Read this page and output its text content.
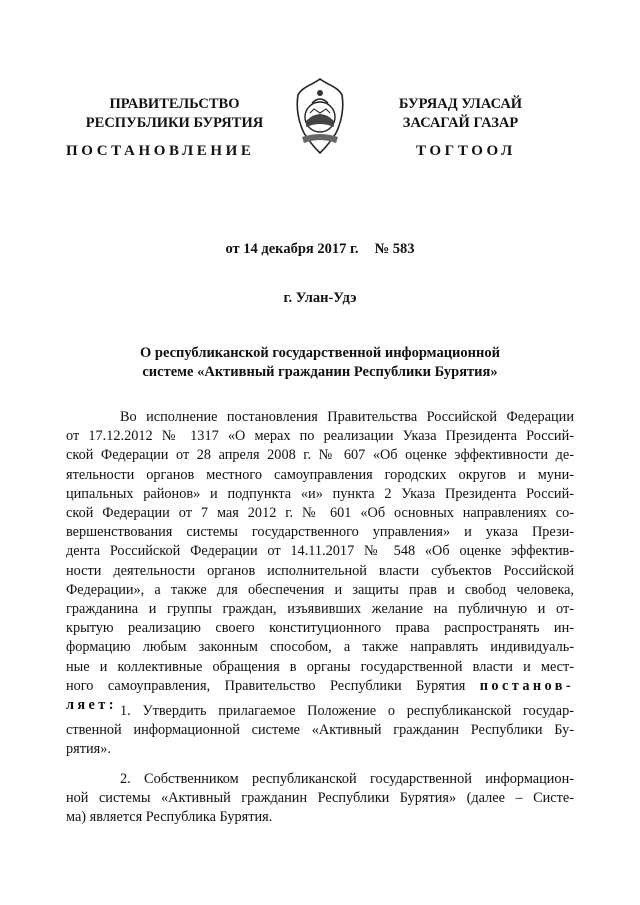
ПРАВИТЕЛЬСТВО
РЕСПУБЛИКИ БУРЯТИЯ
БУРЯАД УЛАСАЙ
ЗАСАГАЙ ГАЗАР
ПОСТАНОВЛЕНИЕ	ТОГТООЛ
от 14 декабря 2017 г. № 583
г. Улан-Удэ
О республиканской государственной информационной
системе «Активный гражданин Республики Бурятия»
Во исполнение постановления Правительства Российской Федерации
от 17.12.2012 № 1317 «О мерах по реализации Указа Президента Россий-
ской Федерации от 28 апреля 2008 г. № 607 «Об оценке эффективности де-
ятельности органов местного самоуправления городских округов и муни-
ципальных районов» и подпункта «и» пункта 2 Указа Президента Россий-
ской Федерации от 7 мая 2012 г. № 601 «Об основных направлениях со-
вершенствования системы государственного управления» и указа Прези-
дента Российской Федерации от 14.11.2017 № 548 «Об оценке эффектив-
ности деятельности органов исполнительной власти субъектов Российской
Федерации», а также для обеспечения и защиты прав и свобод человека,
гражданина и группы граждан, изъявивших желание на публичную и от-
крытую реализацию своего конституционного права распространять ин-
формацию любым законным способом, а также направлять индивидуаль-
ные и коллективные обращения в органы государственной власти и мест-
ного самоуправления, Правительство Республики Бурятия постанов-
ляет: 1. Утвердить прилагаемое Положение о республиканской государ-
ственной информационной системе «Активный гражданин Республики Бу-
рятия».
2. Собственником республиканской государственной информацион-
ной системы «Активный гражданин Республики Бурятия» (далее – Систе-
ма) является Республика Бурятия.
